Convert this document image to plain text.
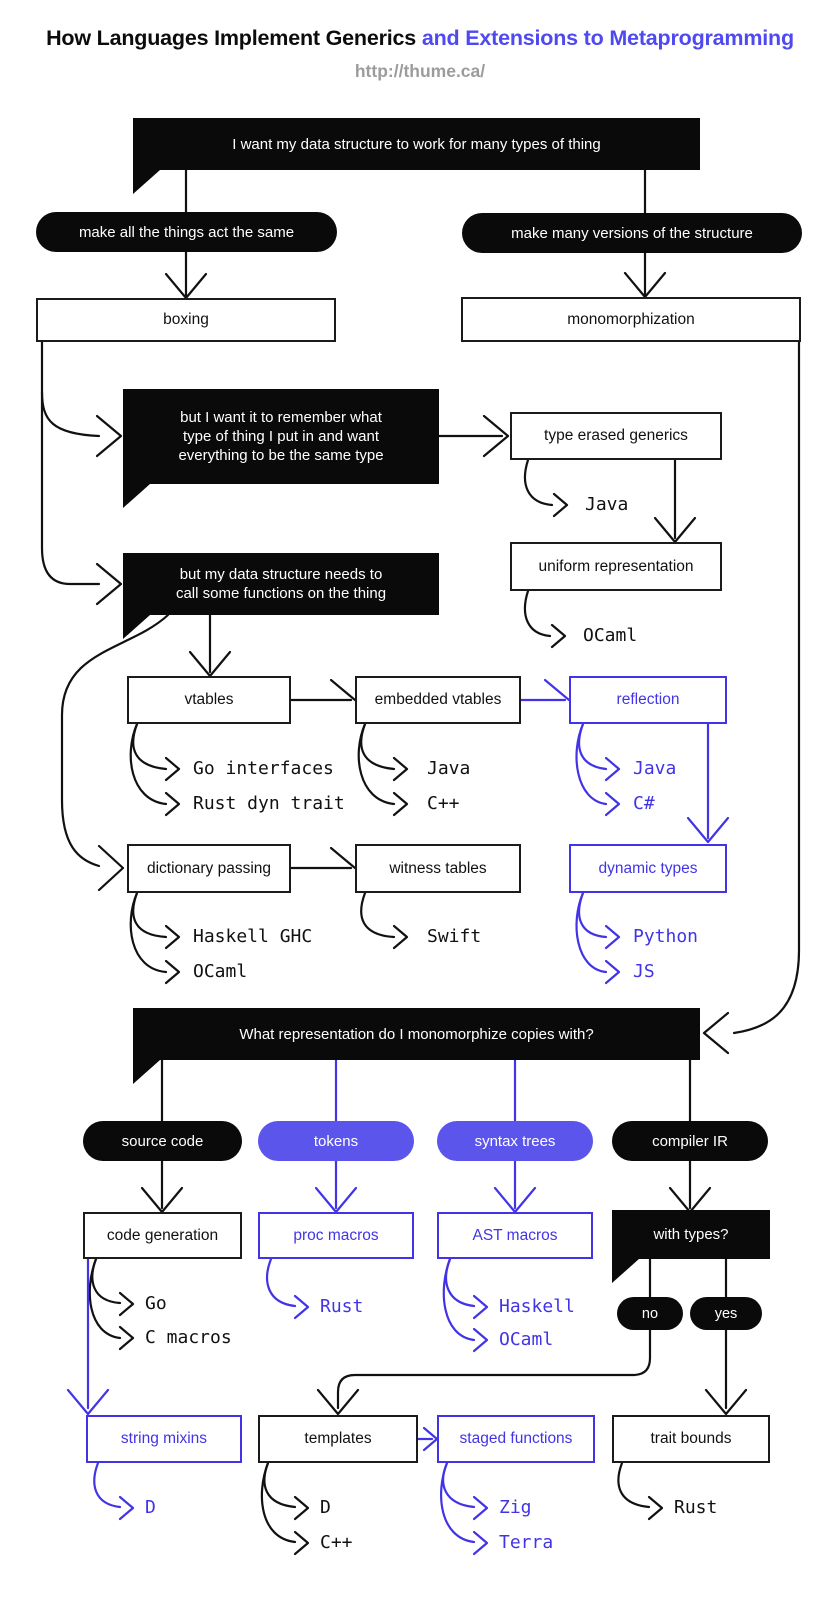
How Languages Implement Generics and Extensions to Metaprogramming
http://thume.ca/
I want my data structure to work for many types of thing
but I want it to remember what
type of thing I put in and want
everything to be the same type
but my data structure needs to
call some functions on the thing
What representation do I monomorphize copies with?
with types?
make all the things act the same	make many versions of the structure
source code	tokens	syntax trees	compiler IR
no	yes
boxing	monomorphization
type erased generics
uniform representation
vtables	embedded vtables	reflection
dictionary passing	witness tables	dynamic types
code generation	proc macros	AST macros
string mixins	templates	staged functions	trait bounds
Java
OCaml
Go interfaces
Rust dyn trait
Java
C++
Java
C#
Haskell GHC
OCaml
Swift	Python
JS
Go
C macros
Rust	Haskell
OCaml
D	D
C++
Zig
Terra
Rust
